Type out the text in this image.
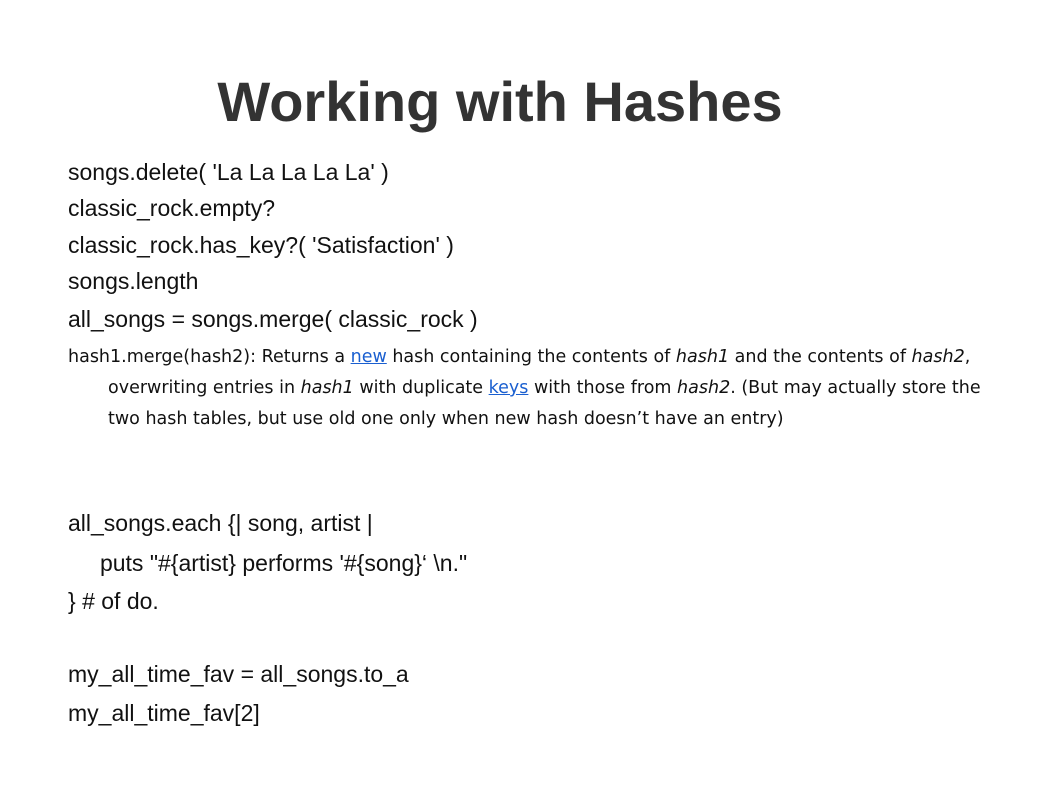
Working with Hashes
songs.delete( 'La La La La La' )
classic_rock.empty?
classic_rock.has_key?( 'Satisfaction' )
songs.length
all_songs = songs.merge( classic_rock )
hash1.merge(hash2): Returns a new hash containing the contents of hash1 and the contents of hash2, overwriting entries in hash1 with duplicate keys with those from hash2. (But may actually store the two hash tables, but use old one only when new hash doesn’t have an entry)
all_songs.each {| song, artist |
puts "#{artist} performs '#{song}‘ \n."
} # of do.
my_all_time_fav = all_songs.to_a
my_all_time_fav[2]
